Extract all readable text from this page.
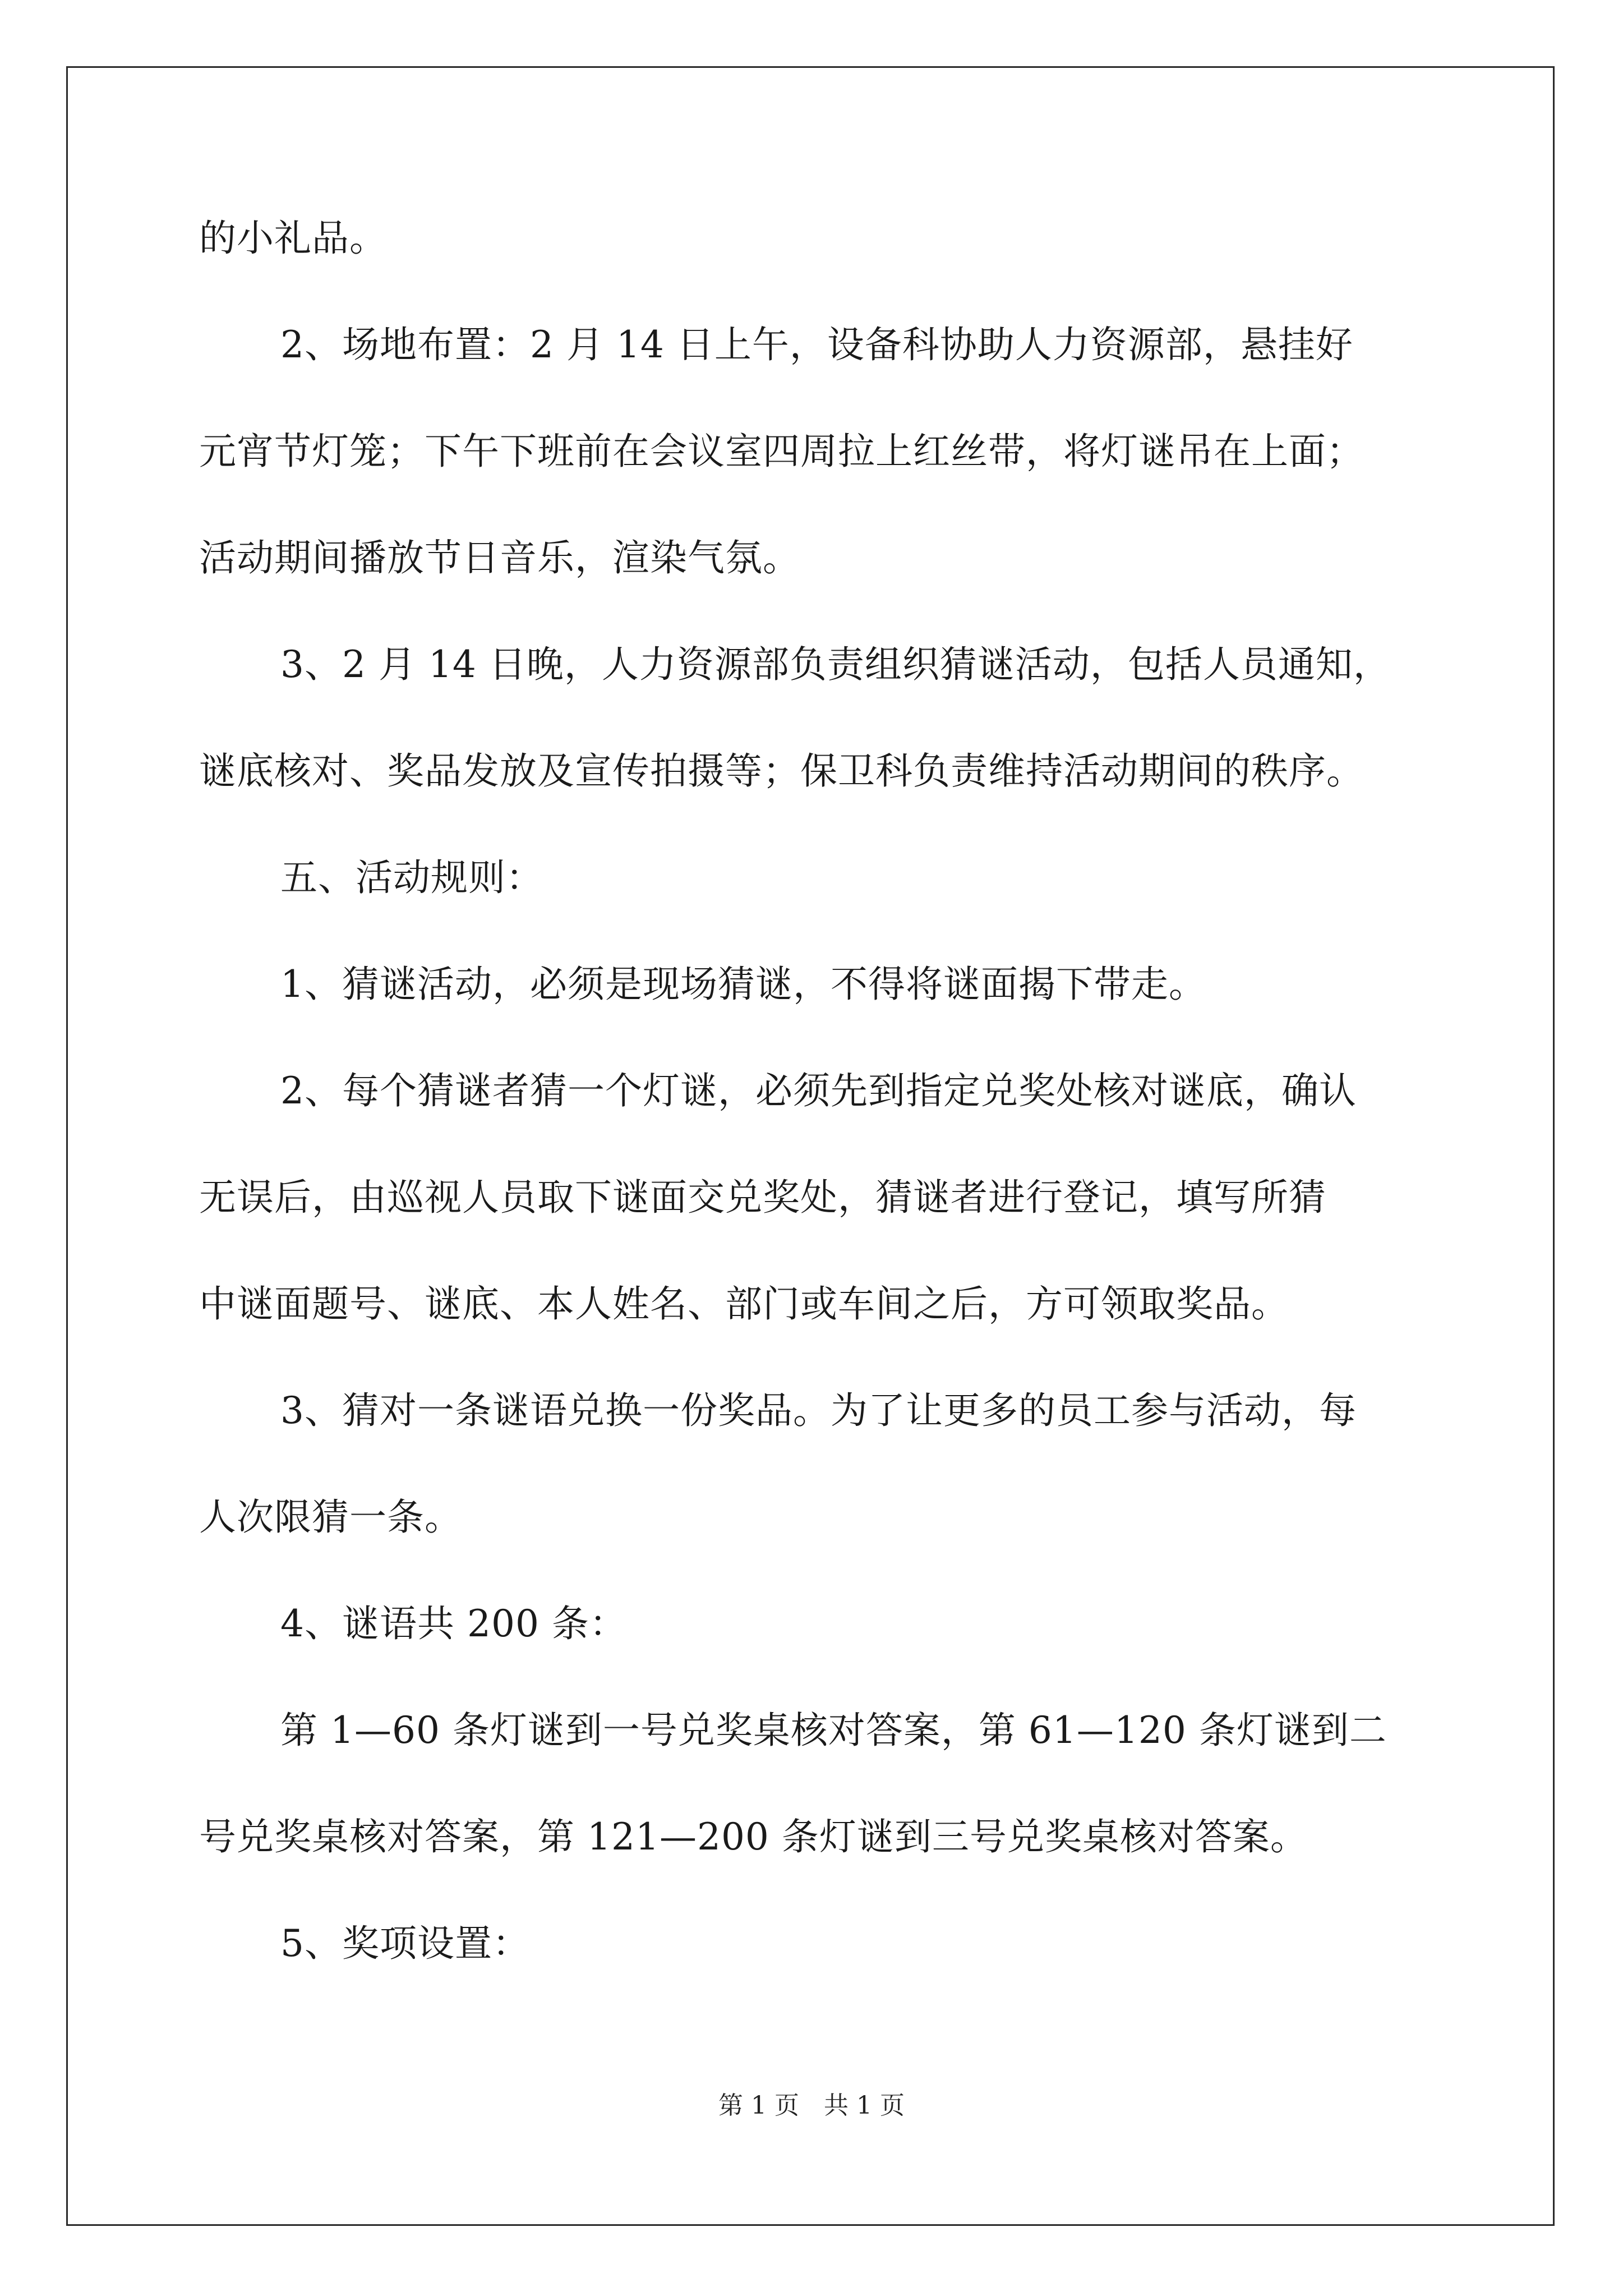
的小礼品。
2、场地布置：2 月 14 日上午，设备科协助人力资源部，悬挂好
元宵节灯笼；下午下班前在会议室四周拉上红丝带，将灯谜吊在上面；
活动期间播放节日音乐，渲染气氛。
3、2 月 14 日晚，人力资源部负责组织猜谜活动，包括人员通知，
谜底核对、奖品发放及宣传拍摄等；保卫科负责维持活动期间的秩序。
五、活动规则：
1、猜谜活动，必须是现场猜谜，不得将谜面揭下带走。
2、每个猜谜者猜一个灯谜，必须先到指定兑奖处核对谜底，确认
无误后，由巡视人员取下谜面交兑奖处，猜谜者进行登记，填写所猜
中谜面题号、谜底、本人姓名、部门或车间之后，方可领取奖品。
3、猜对一条谜语兑换一份奖品。为了让更多的员工参与活动，每
人次限猜一条。
4、谜语共 200 条：
第 1—60 条灯谜到一号兑奖桌核对答案，第 61—120 条灯谜到二
号兑奖桌核对答案，第 121—200 条灯谜到三号兑奖桌核对答案。
5、奖项设置：
第 1 页　共 1 页
